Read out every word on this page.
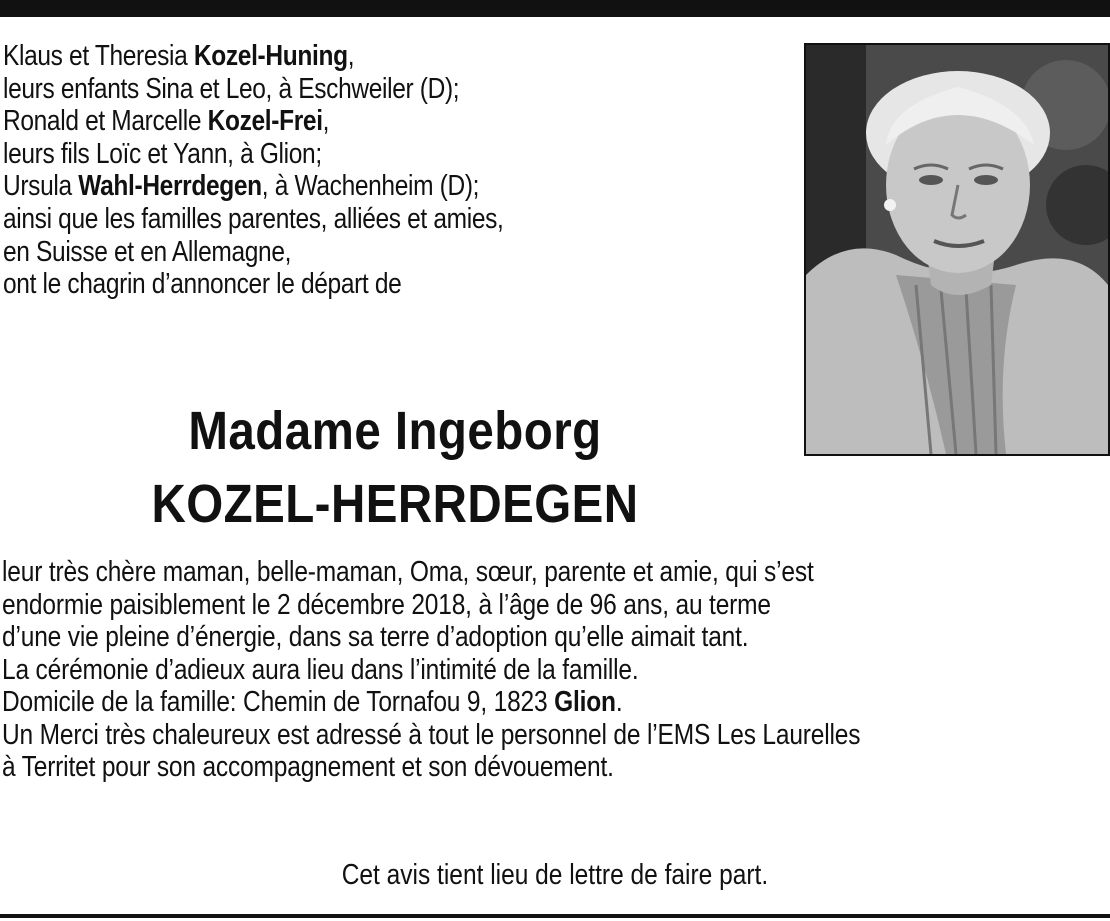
Klaus et Theresia Kozel-Huning,
leurs enfants Sina et Leo, à Eschweiler (D);
Ronald et Marcelle Kozel-Frei,
leurs fils Loïc et Yann, à Glion;
Ursula Wahl-Herrdegen, à Wachenheim (D);
ainsi que les familles parentes, alliées et amies,
en Suisse et en Allemagne,
ont le chagrin d’annoncer le départ de
Madame Ingeborg
KOZEL-HERRDEGEN
leur très chère maman, belle-maman, Oma, sœur, parente et amie, qui s’est
endormie paisiblement le 2 décembre 2018, à l’âge de 96 ans, au terme
d’une vie pleine d’énergie, dans sa terre d’adoption qu’elle aimait tant.
La cérémonie d’adieux aura lieu dans l’intimité de la famille.
Domicile de la famille: Chemin de Tornafou 9, 1823 Glion.
Un Merci très chaleureux est adressé à tout le personnel de l’EMS Les Laurelles
à Territet pour son accompagnement et son dévouement.
Cet avis tient lieu de lettre de faire part.
